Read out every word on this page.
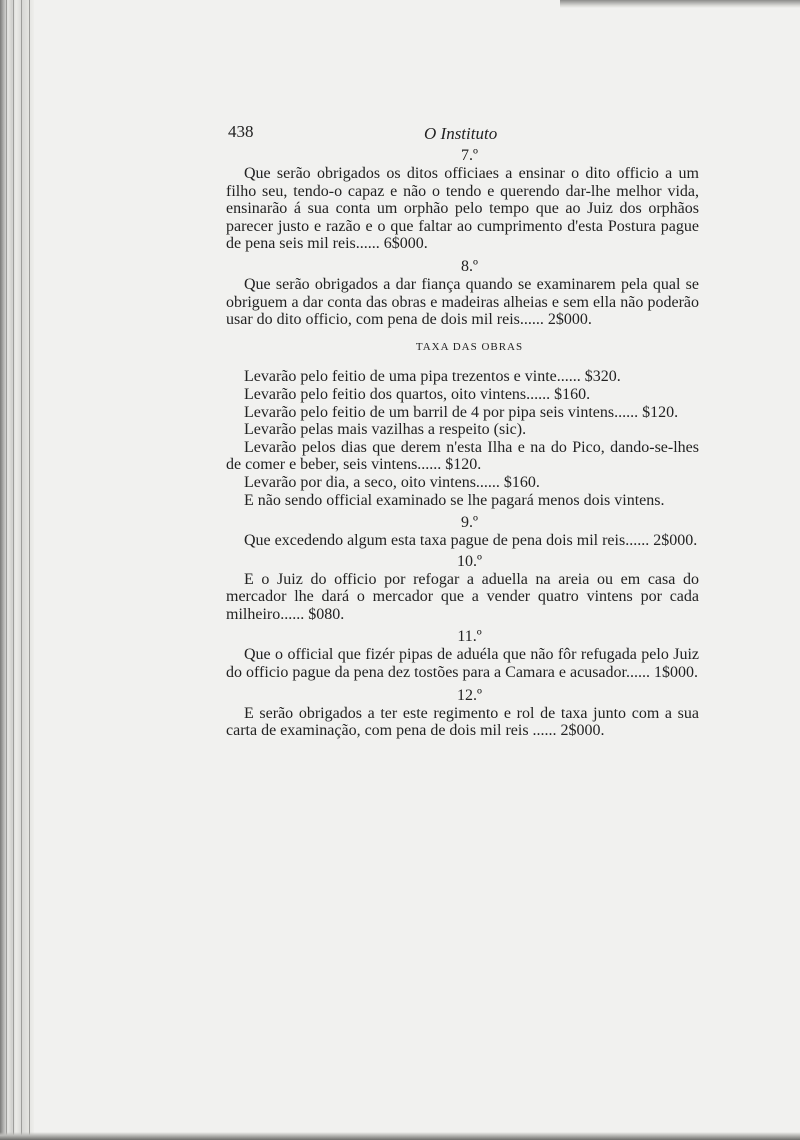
438	O Instituto

7.º

Que serão obrigados os ditos officiaes a ensinar o dito officio a um filho seu, tendo-o capaz e não o tendo e querendo dar-lhe melhor vida, ensinarão á sua conta um orphão pelo tempo que ao Juiz dos orphãos parecer justo e razão e o que faltar ao cumprimento d'esta Postura pague de pena seis mil reis...... 6$000.

8.º

Que serão obrigados a dar fiança quando se examinarem pela qual se obriguem a dar conta das obras e madeiras alheias e sem ella não poderão usar do dito officio, com pena de dois mil reis...... 2$000.

TAXA DAS OBRAS

Levarão pelo feitio de uma pipa trezentos e vinte...... $320.

Levarão pelo feitio dos quartos, oito vintens...... $160.

Levarão pelo feitio de um barril de 4 por pipa seis vintens...... $120.

Levarão pelas mais vazilhas a respeito (sic).

Levarão pelos dias que derem n'esta Ilha e na do Pico, dando-se-lhes de comer e beber, seis vintens...... $120.

Levarão por dia, a seco, oito vintens...... $160.

E não sendo official examinado se lhe pagará menos dois vintens.

9.º

Que excedendo algum esta taxa pague de pena dois mil reis...... 2$000.

10.º

E o Juiz do officio por refogar a aduella na areia ou em casa do mercador lhe dará o mercador que a vender quatro vintens por cada milheiro...... $080.

11.º

Que o official que fizér pipas de aduéla que não fôr refugada pelo Juiz do officio pague da pena dez tostões para a Camara e acusador...... 1$000.

12.º

E serão obrigados a ter este regimento e rol de taxa junto com a sua carta de examinação, com pena de dois mil reis ...... 2$000.
